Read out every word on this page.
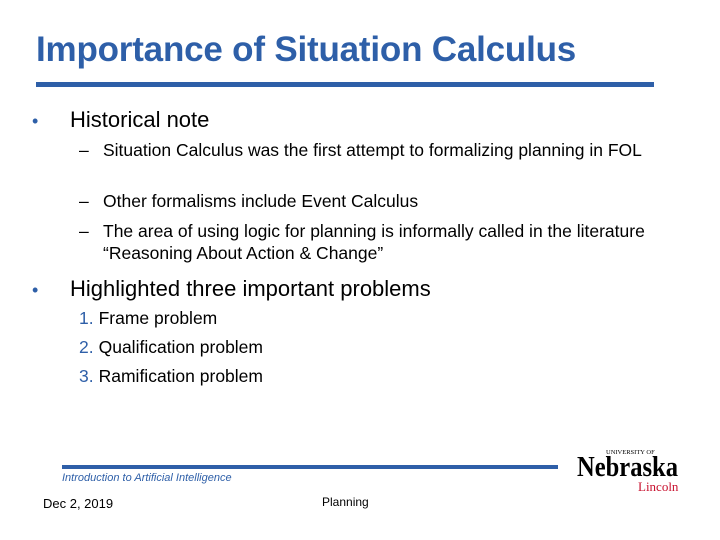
Importance of Situation Calculus
•	Historical note
– Situation Calculus was the first attempt to formalizing planning in FOL
– Other formalisms include Event Calculus
– The area of using logic for planning is informally called in the literature “Reasoning About Action & Change”
•	Highlighted three important problems
1. Frame problem
2. Qualification problem
3. Ramification problem
Introduction to Artificial Intelligence
Dec 2, 2019	Planning
UNIVERSITY OF
Nebraska
Lincoln
